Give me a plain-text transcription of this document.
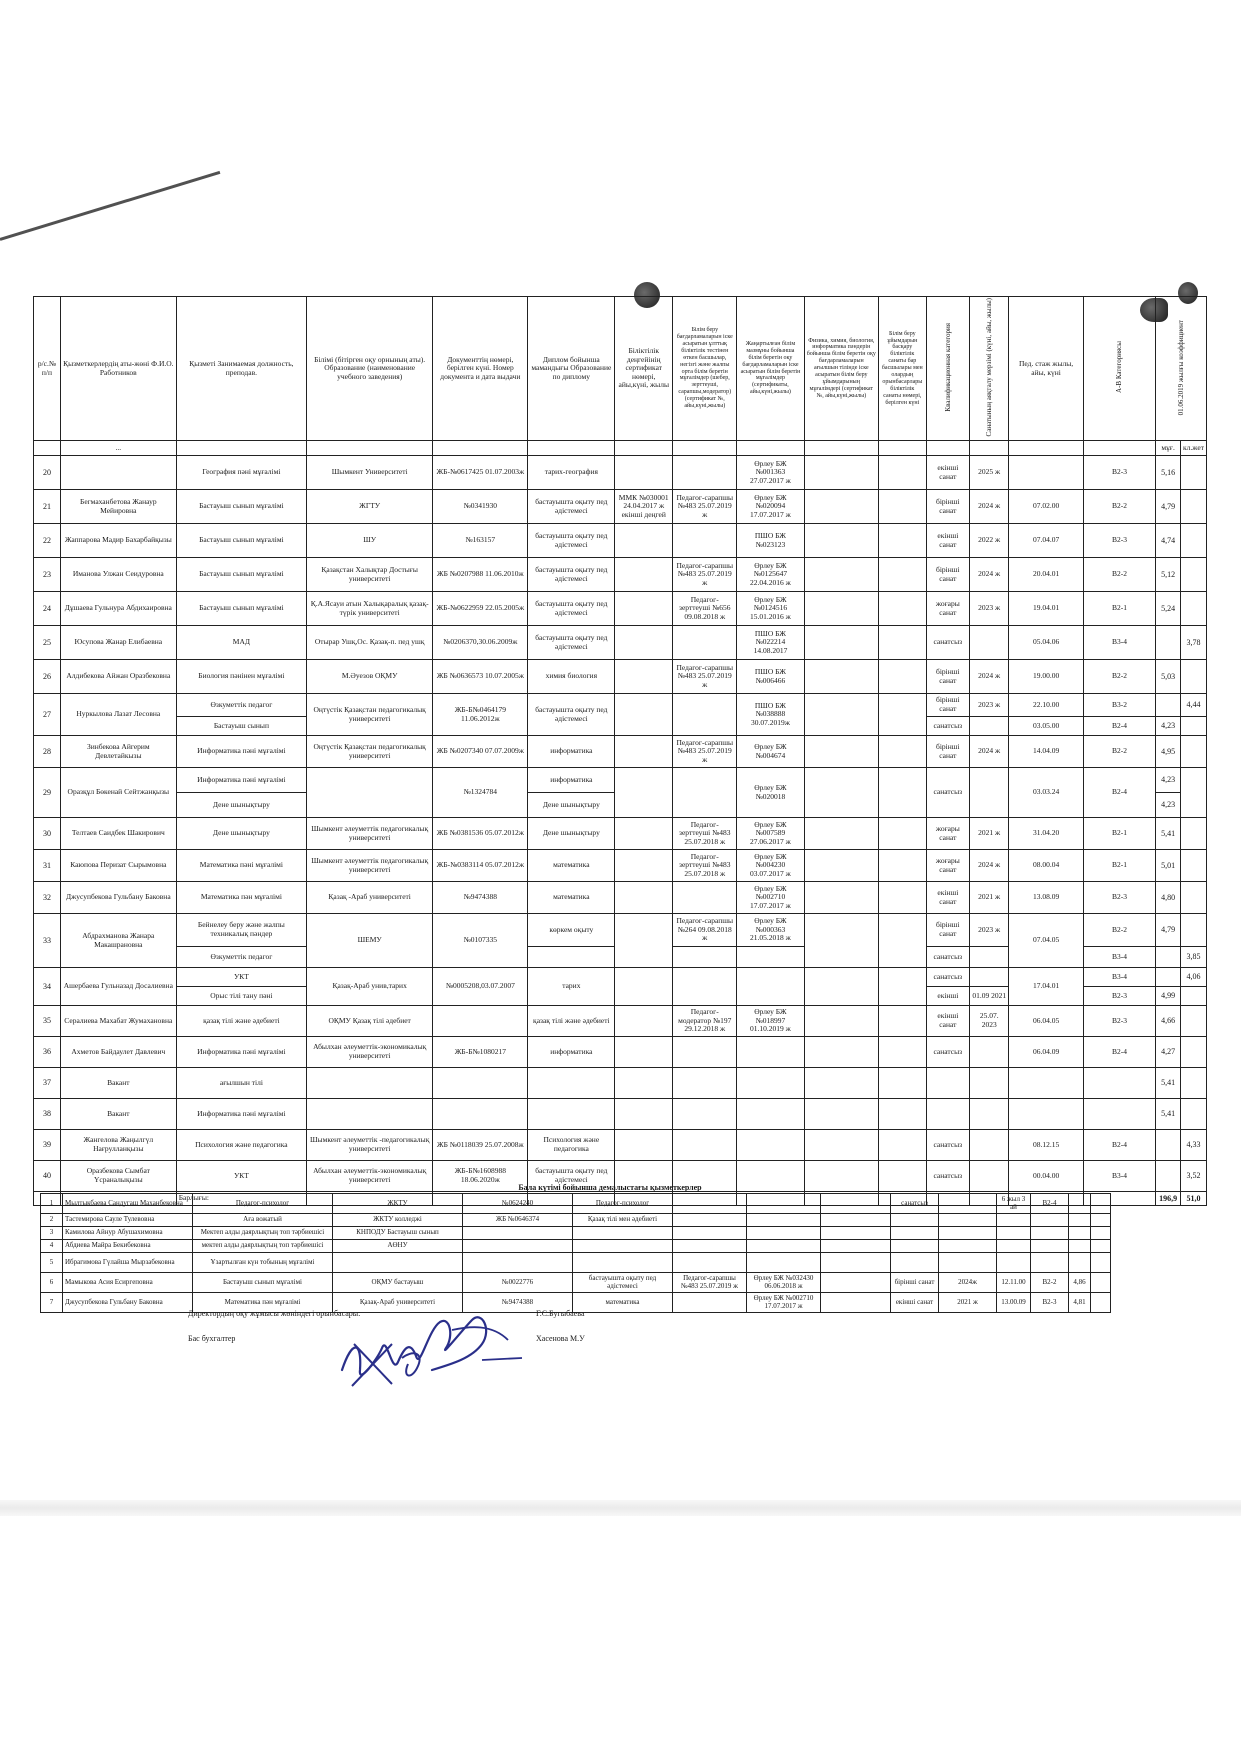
р/с.№ п/п	Қызметкерлердің аты-жөні Ф.И.О. Работников	Қызметі Занимаемая должность, преподав.	Білімі (бітірген оқу орнының аты). Образование (наименование учебного заведения)	Документтің нөмері, берілген күні. Номер документа и дата выдачи	Диплом бойынша мамандығы Образование по диплому	Біліктілік деңгейінің сертификат нөмері, айы,күні, жылы	Білім беру бағдарламаларын іске асыратын ұлттық біліктілік тестінен өткен басшылар, негізгі және жалпы орта білім беретін мұғалімдер (шебер, зерттеуші, сарапшы,модератор)(сертификат №, айы,күні,жылы)	Жаңартылған білім мазмұны бойынша білім беретін оқу бағдарламаларын іске асыратын білім беретін мұғалімдер (сертификаты, айы,күні,жылы)	Физика, химия, биология, информатика пәндерін бойынша білім беретін оқу бағдарламаларын ағылшын тілінде іске асыратын білім беру ұйымдарының мұғалімдері (сертификат №, айы,күні,жылы)	Білім беру ұйымдарын басқару біліктілік санаты бар басшылары мен олардың орынбасарлары біліктілік санаты нөмері, берілген күні	Квалификационная категория	Санатының аяқталу мерзімі (күні, айы, жылы)	Пед. стаж жылы, айы, күні	А-В Категориясы	01.06.2019 жылғы коэффициент	
	...														мұғ.	кл.жет
20		География пәні мұғалімі	Шымкент Университеті	ЖБ-№0617425 01.07.2003ж	тарих-география			Өрлеу БЖ №001363 27.07.2017 ж			екінші санат	2025 ж		В2-3	5,16	
21	Бегмаханбетова Жанаур Мейировна	Бастауыш сынып мұғалімі	ЖГТУ	№0341930	бастауышта оқыту пед әдістемесі	ММК №030001 24.04.2017 ж екінші деңгей	Педагог-сарапшы №483 25.07.2019 ж	Өрлеу БЖ №020094 17.07.2017 ж			бірінші санат	2024 ж	07.02.00	В2-2	4,79	
22	Жаппарова Мадир Бахарбайқызы	Бастауыш сынып мұғалімі	ШУ	№163157	бастауышта оқыту пед әдістемесі			ПШО БЖ №023123			екінші санат	2022 ж	07.04.07	В2-3	4,74	
23	Иманова Улжан Сеидуровна	Бастауыш сынып мұғалімі	Қазақстан Халықтар Достығы университеті	ЖБ №0207988 11.06.2010ж	бастауышта оқыту пед әдістемесі		Педагог-сарапшы №483 25.07.2019 ж	Өрлеу БЖ №0125647 22.04.2016 ж			бірінші санат	2024 ж	20.04.01	В2-2	5,12	
24	Дұшаева Гульнура Абдихаировна	Бастауыш сынып мұғалімі	Қ.А.Ясауи атын Халықаралық қазақ-түрік университеті	ЖБ-№0622959 22.05.2005ж	бастауышта оқыту пед әдістемесі		Педагог-зерттеуші №656 09.08.2018 ж	Өрлеу БЖ №0124516 15.01.2016 ж			жоғары санат	2023 ж	19.04.01	В2-1	5,24	
25	Юсупова Жанар Елибаевна	МАД	Отырар Ушқ,Ос. Қазақ-п. пед ушқ	№0206370,30.06.2009ж	бастауышта оқыту пед әдістемесі			ПШО БЖ №022214 14.08.2017			санатсыз		05.04.06	В3-4		3,78
26	Алдибекова Айжан Оразбековна	Биология пәнінен мұғалімі	М.Әуезов ОҚМУ	ЖБ №0636573 10.07.2005ж	химия биология		Педагог-сарапшы №483 25.07.2019 ж	ПШО БЖ №006466			бірінші санат	2024 ж	19.00.00	В2-2	5,03	
27	Нуркылова Лазат Лесовна	Өзкуметтік педагог	Оңтүстік Қазақстан педагогикалық университеті	ЖБ-Б№0464179 11.06.2012ж	бастауышта оқыту пед әдістемесі			ПШО БЖ №038888 30.07.2019ж			бірінші санат	2023 ж	22.10.00	В3-2		4,44
		Бастауыш сынып									санатсыз		03.05.00	В2-4	4,23	
28	Зинбекова Айгерим Девлетайкызы	Информатика пәні мұғалімі	Оңтүстік Қазақстан педагогикалық университеті	ЖБ №0207340 07.07.2009ж	информатика		Педагог-сарапшы №483 25.07.2019 ж	Өрлеу БЖ №004674			бірінші санат	2024 ж	14.04.09	В2-2	4,95	
29	Оразқұл Бөкенай Сейтжанқызы	Информатика пәні мұғалімі		№1324784	информатика			Өрлеу БЖ №020018			санатсыз		03.03.24	В2-4	4,23	
		Дене шынықтыру			Дене шынықтыру										4,23	
30	Телтаев Саидбек Шакирович	Дене шынықтыру	Шымкент әлеуметтік педагогикалық университеті	ЖБ №0381536 05.07.2012ж	Дене шынықтыру		Педагог-зерттеуші №483 25.07.2018 ж	Өрлеу БЖ №007589 27.06.2017 ж			жоғары санат	2021 ж	31.04.20	В2-1	5,41	
31	Каюпова Перизат Сырымовна	Математика пәні мұғалімі	Шымкент әлеуметтік педагогикалық университеті	ЖБ-№0383114 05.07.2012ж	математика		Педагог-зерттеуші №483 25.07.2018 ж	Өрлеу БЖ №004230 03.07.2017 ж			жоғары санат	2024 ж	08.00.04	В2-1	5,01	
32	Джусупбекова Гульбану Баковна	Математика пән мұғалімі	Қазақ -Араб университеті	№9474388	математика			Өрлеу БЖ №002710 17.07.2017 ж			екінші санат	2021 ж	13.08.09	В2-3	4,80	
33	Абдрахманова Жанара Макашрановна	Бейнелеу беру және жалпы техникалық пәндер	ШЕМУ	№0107335	көркем оқыту		Педагог-сарапшы №264 09.08.2018 ж	Өрлеу БЖ №000363 21.05.2018 ж			бірінші санат	2023 ж	07.04.05	В2-2	4,79	
		Өзкуметтік педагог									санатсыз			В3-4		3,85
34	Ашербаева Гульназад Досалиевна	УКТ	Қазақ-Араб унив,тарих	№0005208,03.07.2007	тарих						санатсыз		17.04.01	В3-4		4,06
		Орыс тілі тану пәні									екінші	01.09 2021		В2-3	4,99	
35	Сералиева Махабат Жумахановна	қазақ тілі және әдебиеті	ОҚМУ Қазақ тілі әдебиет		қазақ тілі және әдебиеті		Педагог-модератор №197 29.12.2018 ж	Өрлеу БЖ №018997 01.10.2019 ж			екінші санат	25.07. 2023	06.04.05	В2-3	4,66	
36	Ахметов Байдаулет Давлевич	Информатика пәні мұғалімі	Абылхан әлеуметтік-экономикалық университеті	ЖБ-Б№1080217	информатика						санатсыз		06.04.09	В2-4	4,27	
37	Вакант	ағылшын тілі													5,41	
38	Вакант	Информатика пәні мұғалімі													5,41	
39	Жангелова Жаңылгүл Нағрулланқызы	Психология және педагогика	Шымкент әлеуметтік -педагогикалық университеті	ЖБ №0118039 25.07.2008ж	Психология және педагогика						санатсыз		08.12.15	В2-4		4,33
40	Оразбекова Сымбат Үсраналықызы	УКТ	Абылхан әлеуметтік-экономикалық университеті	ЖБ-Б№1608988 18.06.2020ж	бастауышта оқыту пед әдістемесі						санатсыз		00.04.00	В3-4		3,52
		Барлығы:													196,9	51,0
Бала күтімі бойынша демалыстағы қызметкерлер
1	Мылтыкбаева Сандугаш Маханбековна	Педагог-психолог	ЖКТУ	№0624240	Педагог-психолог				санатсыз		6 жыл 3 ай	В2-4		
2	Тастемирова Сауле Тулевовна	Аға вожатый	ЖКТУ колледжі	ЖБ №0646374	Қазақ тілі мен әдебиеті									
3	Камилова Айнур Абушахимовна	Мектеп алды даярлықтың топ тәрбиешісі	КНПОДУ Бастауыш сынып											
4	Абдиева Майра Бекибековна	мектеп алды даярлықтың топ тәрбиешісі	АӨНУ											
5	Ибрагимова Гүлайша Мырзабековна	Ұзартылған күн тобының мұғалімі												
6	Мамыкова Асия Есиргеповна	Бастауыш сынып мұғалімі	ОҚМУ бастауыш	№0022776	бастауышта оқыту пед әдістемесі	Педагог-сарапшы №483 25.07.2019 ж	Өрлеу БЖ №032430 06.06.2018 ж		бірінші санат	2024ж	12.11.00	В2-2	4,86	
7	Джусупбекова Гульбану Баковна	Математика пән мұғалімі	Қазақ-Араб университеті	№9474388	математика		Өрлеу БЖ №002710 17.07.2017 ж		екінші санат	2021 ж	13.00.09	В2-3	4,81	
Директордың оқу жұмысы жөніндегі орынбасары:	Г.С.Бугыбаева
Бас бухгалтер	Хасенова М.У
